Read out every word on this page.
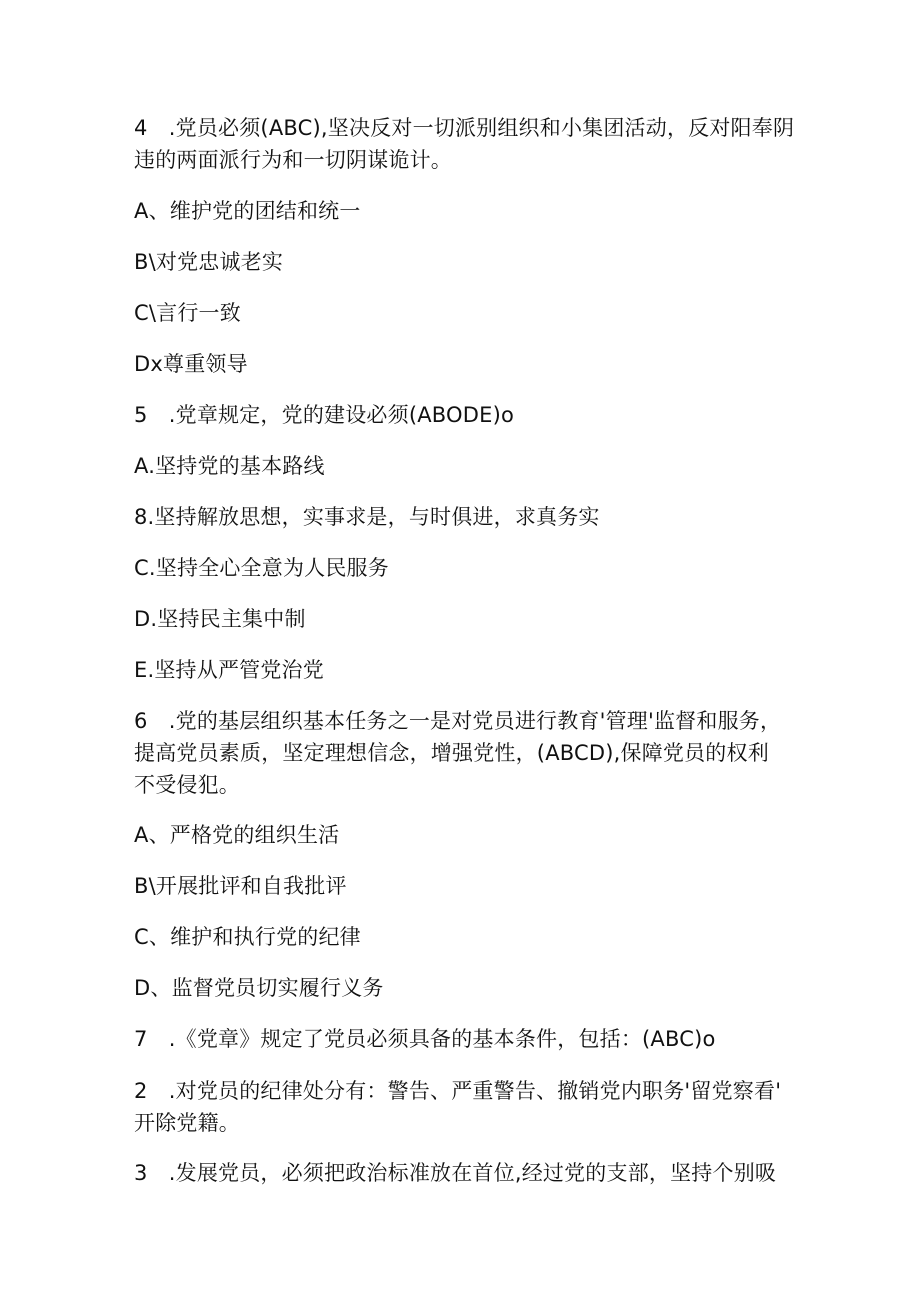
4　.党员必须(ABC),坚决反对一切派别组织和小集团活动，反对阳奉阴
违的两面派行为和一切阴谋诡计。
A、维护党的团结和统一
B\对党忠诚老实
C\言行一致
Dx尊重领导
5　.党章规定，党的建设必须(ABODE)o
A.坚持党的基本路线
8.坚持解放思想，实事求是，与时俱进，求真务实
C.坚持全心全意为人民服务
D.坚持民主集中制
E.坚持从严管党治党
6　.党的基层组织基本任务之一是对党员进行教育'管理'监督和服务，
提高党员素质，坚定理想信念，增强党性，(ABCD),保障党员的权利
不受侵犯。
A、严格党的组织生活
B\开展批评和自我批评
C、维护和执行党的纪律
D、监督党员切实履行义务
7　.《党章》规定了党员必须具备的基本条件，包括：(ABC)o
2　.对党员的纪律处分有：警告、严重警告、撤销党内职务'留党察看'
开除党籍。
3　.发展党员，必须把政治标准放在首位,经过党的支部，坚持个别吸
